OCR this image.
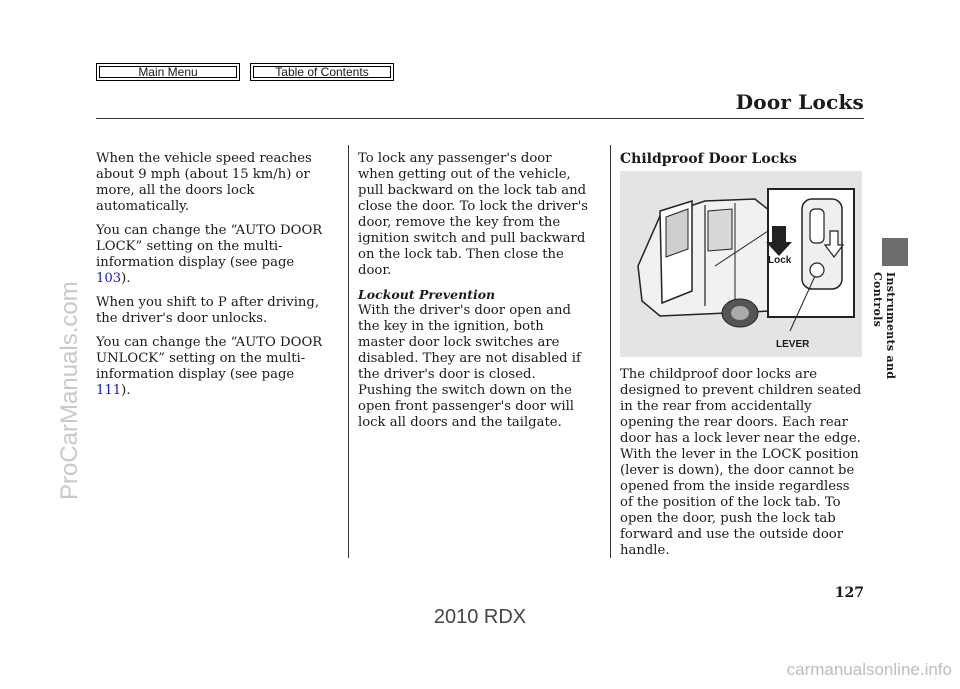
Main Menu	Table of Contents
Door Locks

When the vehicle speed reaches about 9 mph (about 15 km/h) or more, all the doors lock automatically.

You can change the “AUTO DOOR LOCK” setting on the multi-information display (see page 103).

When you shift to P after driving, the driver's door unlocks.

You can change the “AUTO DOOR UNLOCK” setting on the multi-information display (see page 111).

To lock any passenger's door when getting out of the vehicle, pull backward on the lock tab and close the door. To lock the driver's door, remove the key from the ignition switch and pull backward on the lock tab. Then close the door.

Lockout Prevention

With the driver's door open and the key in the ignition, both master door lock switches are disabled. They are not disabled if the driver's door is closed. Pushing the switch down on the open front passenger's door will lock all doors and the tailgate.

Childproof Door Locks
Lock
LEVER

The childproof door locks are designed to prevent children seated in the rear from accidentally opening the rear doors. Each rear door has a lock lever near the edge. With the lever in the LOCK position (lever is down), the door cannot be opened from the inside regardless of the position of the lock tab. To open the door, push the lock tab forward and use the outside door handle.

Instruments and Controls
127
ProCarManuals.com
2010 RDX
carmanualsonline.info
